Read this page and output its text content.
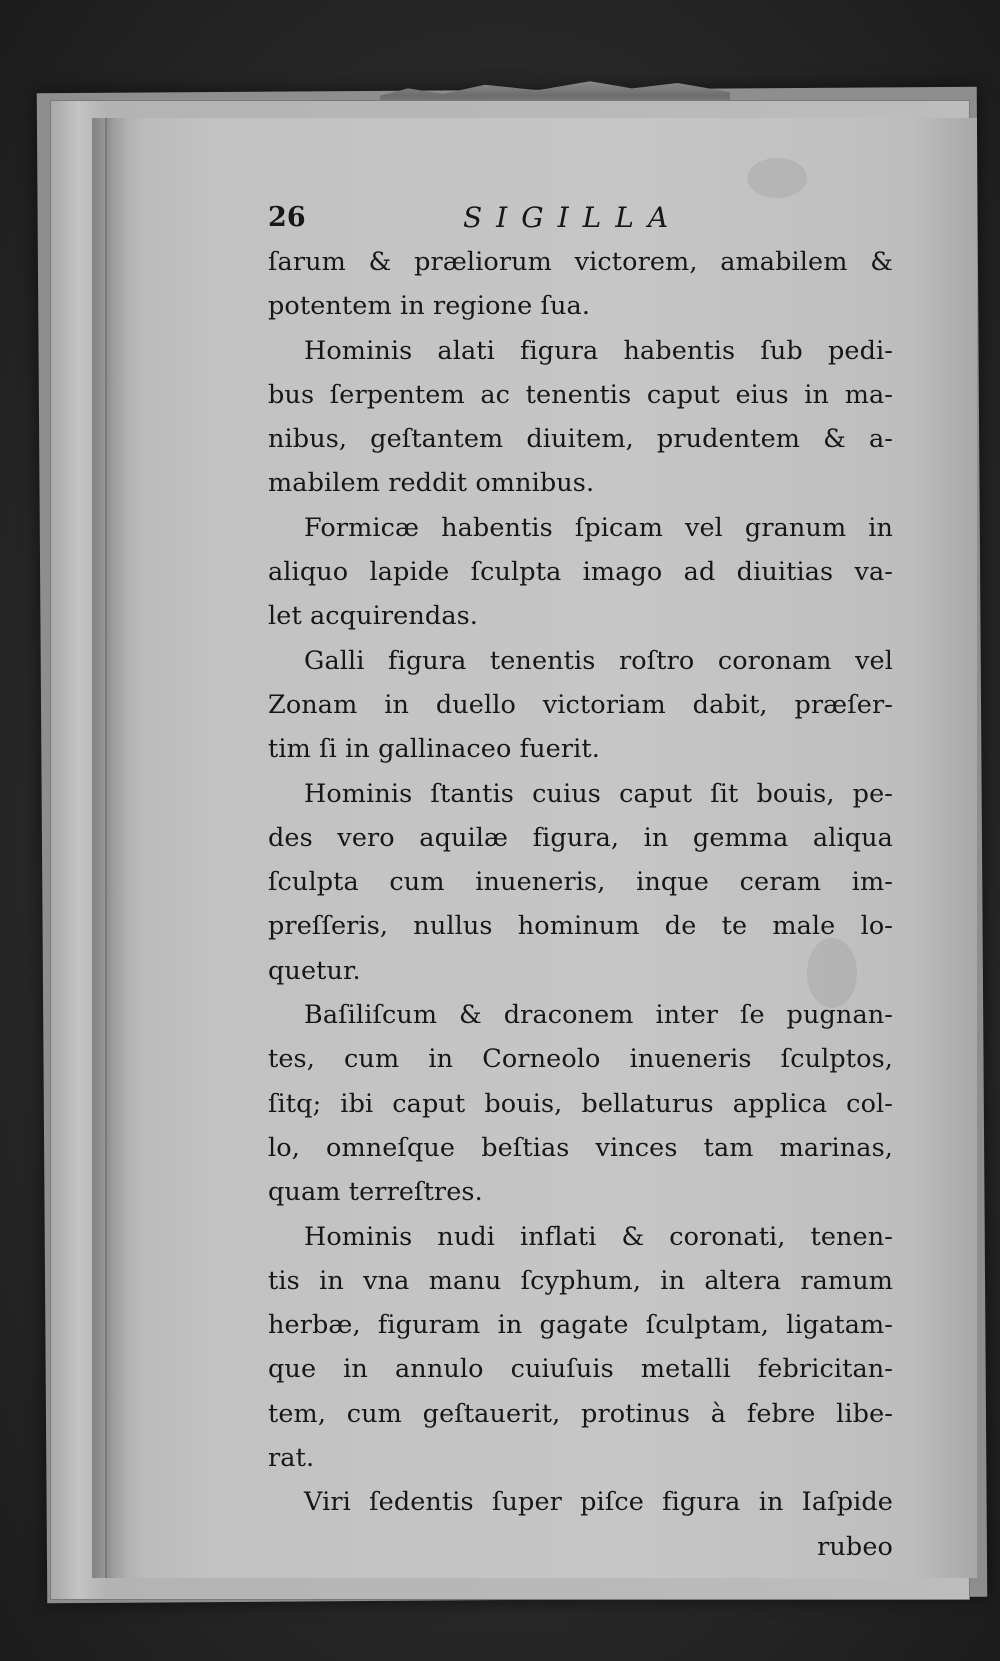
26	SIGILLA
ſarum & præliorum victorem, amabilem &
potentem in regione ſua.
Hominis alati figura habentis ſub pedi-
bus ſerpentem ac tenentis caput eius in ma-
nibus, geſtantem diuitem, prudentem & a-
mabilem reddit omnibus.
Formicæ habentis ſpicam vel granum in
aliquo lapide ſculpta imago ad diuitias va-
let acquirendas.
Galli figura tenentis roſtro coronam vel
Zonam in duello victoriam dabit, præſer-
tim ſi in gallinaceo fuerit.
Hominis ſtantis cuius caput ſit bouis, pe-
des vero aquilæ figura, in gemma aliqua
ſculpta cum inueneris, inque ceram im-
preſſeris, nullus hominum de te male lo-
quetur.
Baſiliſcum & draconem inter ſe pugnan-
tes, cum in Corneolo inueneris ſculptos,
ſitq; ibi caput bouis, bellaturus applica col-
lo, omneſque beſtias vinces tam marinas,
quam terreſtres.
Hominis nudi inflati & coronati, tenen-
tis in vna manu ſcyphum, in altera ramum
herbæ, figuram in gagate ſculptam, ligatam-
que in annulo cuiuſuis metalli febricitan-
tem, cum geſtauerit, protinus à febre libe-
rat.
Viri ſedentis ſuper piſce figura in Iaſpide
rubeo
